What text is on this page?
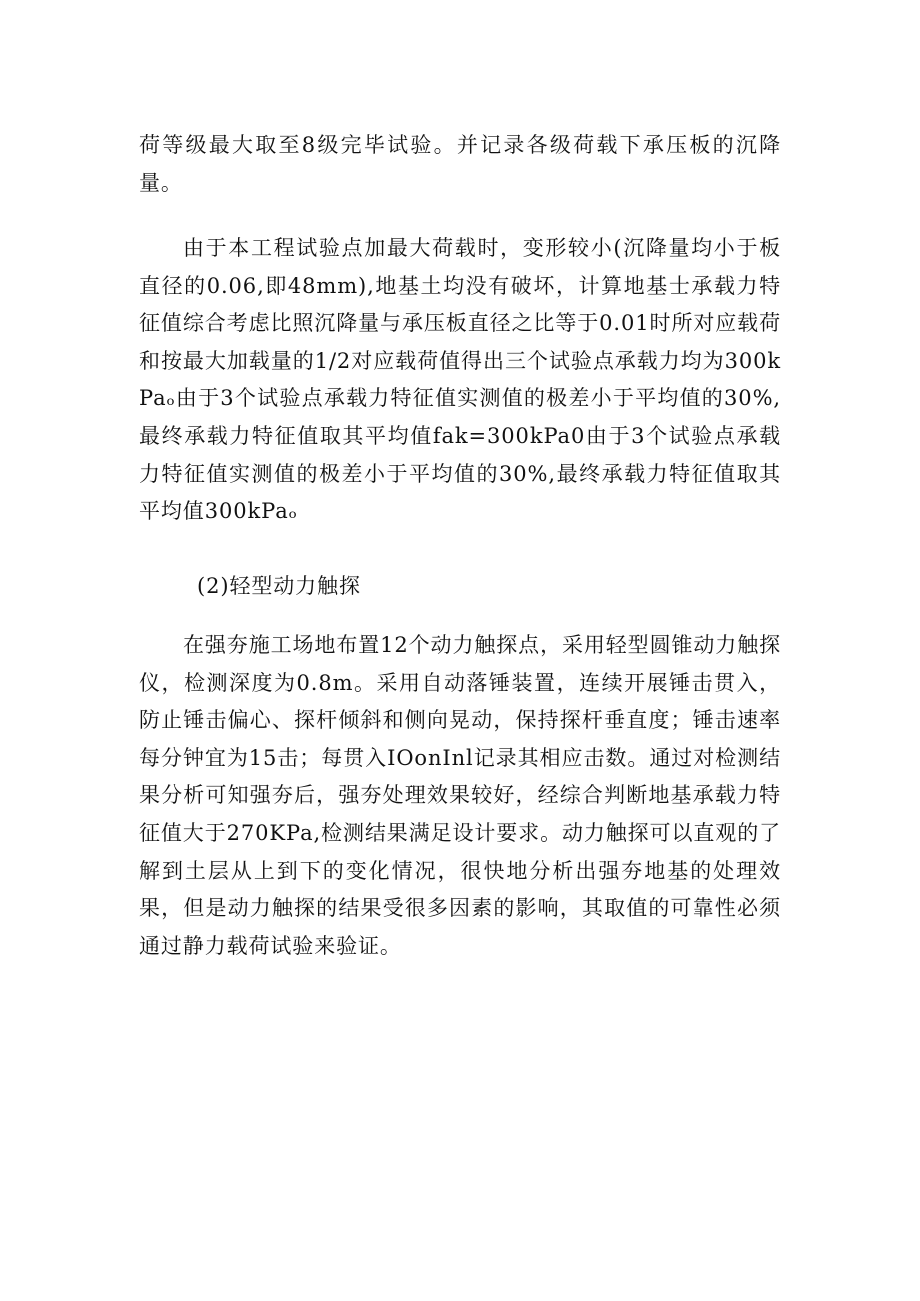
荷等级最大取至8级完毕试验。并记录各级荷载下承压板的沉降量。

由于本工程试验点加最大荷载时，变形较小(沉降量均小于板直径的0.06,即48mm),地基土均没有破坏，计算地基士承载力特征值综合考虑比照沉降量与承压板直径之比等于0.01时所对应载荷和按最大加载量的1/2对应载荷值得出三个试验点承载力均为300kPaₒ由于3个试验点承载力特征值实测值的极差小于平均值的30%,最终承载力特征值取其平均值fak=300kPa0由于3个试验点承载力特征值实测值的极差小于平均值的30%,最终承载力特征值取其平均值300kPaₒ

(2)轻型动力触探

在强夯施工场地布置12个动力触探点，采用轻型圆锥动力触探仪，检测深度为0.8m。采用自动落锤装置，连续开展锤击贯入，防止锤击偏心、探杆倾斜和侧向晃动，保持探杆垂直度；锤击速率每分钟宜为15击；每贯入IOonInl记录其相应击数。通过对检测结果分析可知强夯后，强夯处理效果较好，经综合判断地基承载力特征值大于270KPa,检测结果满足设计要求。动力触探可以直观的了解到土层从上到下的变化情况，很快地分析出强夯地基的处理效果，但是动力触探的结果受很多因素的影响，其取值的可靠性必须通过静力载荷试验来验证。
